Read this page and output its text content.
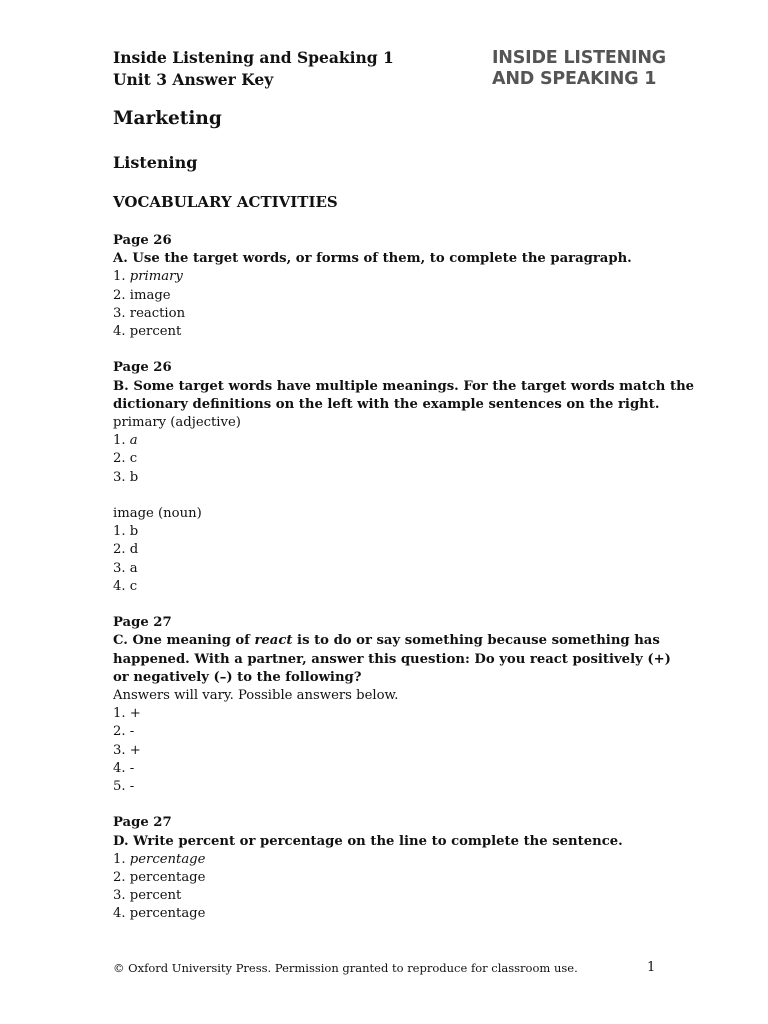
Inside Listening and Speaking 1
Unit 3 Answer Key
INSIDE LISTENING
AND SPEAKING 1
Marketing
Listening
VOCABULARY ACTIVITIES
Page 26
A. Use the target words, or forms of them, to complete the paragraph.
1. primary
2. image
3. reaction
4. percent
Page 26
B. Some target words have multiple meanings. For the target words match the
dictionary definitions on the left with the example sentences on the right.
primary (adjective)
1. a
2. c
3. b
image (noun)
1. b
2. d
3. a
4. c
Page 27
C. One meaning of react is to do or say something because something has
happened. With a partner, answer this question: Do you react positively (+)
or negatively (–) to the following?
Answers will vary. Possible answers below.
1. +
2. -
3. +
4. -
5. -
Page 27
D. Write percent or percentage on the line to complete the sentence.
1. percentage
2. percentage
3. percent
4. percentage
© Oxford University Press. Permission granted to reproduce for classroom use.	1
